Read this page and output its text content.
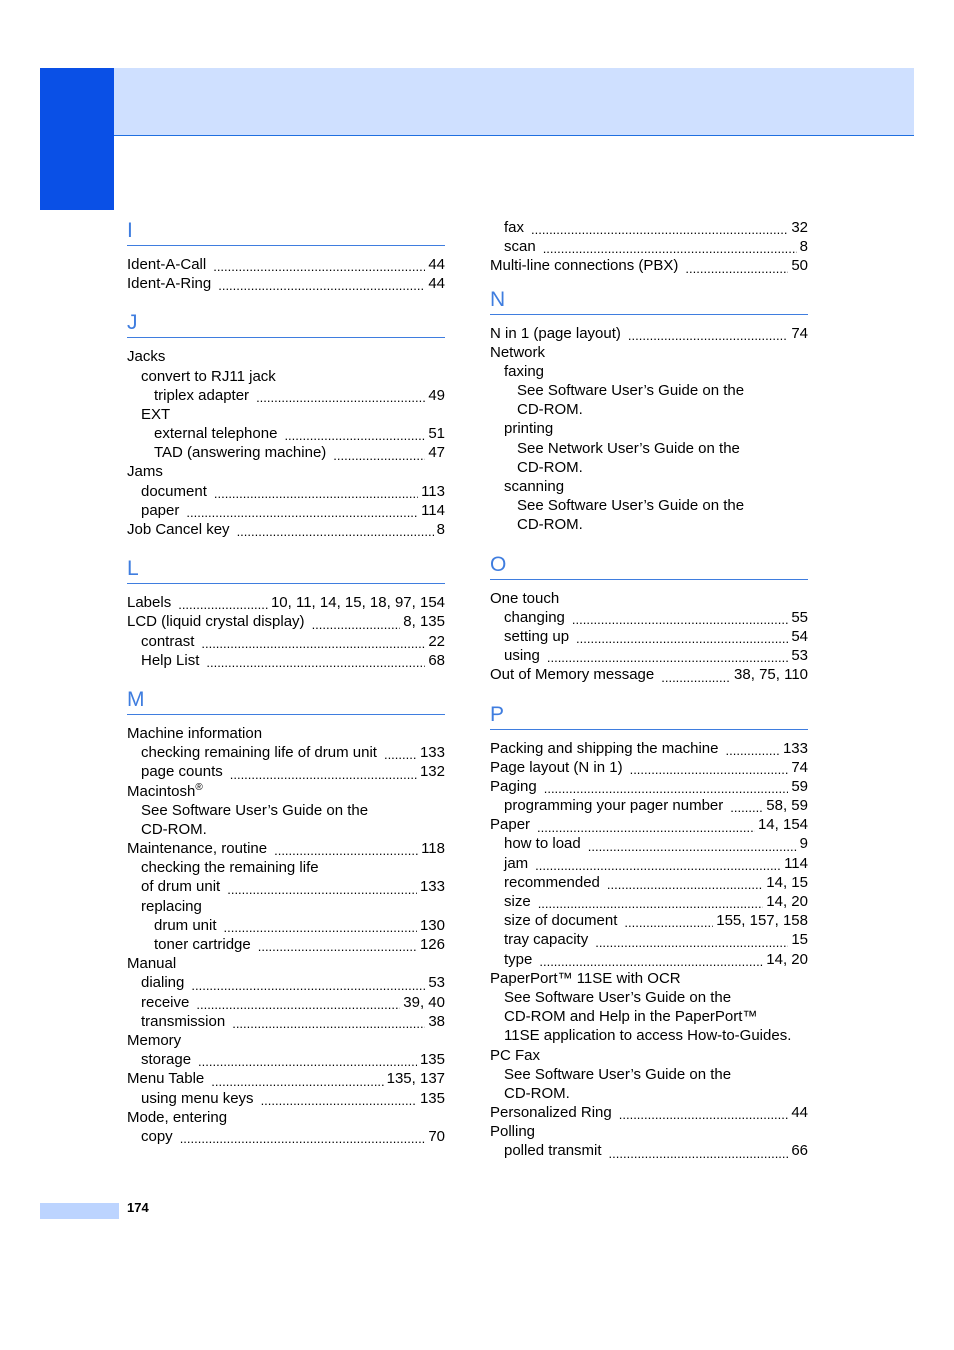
I
Ident-A-Call .....	44
Ident-A-Ring .....	44
J
Jacks
convert to RJ11 jack
triplex adapter .....	49
EXT
external telephone .....	51
TAD (answering machine) .....	47
Jams
document .....	113
paper .....	114
Job Cancel key .....	8
L
Labels .....	10, 11, 14, 15, 18, 97, 154
LCD (liquid crystal display) .....	8, 135
contrast .....	22
Help List .....	68
M
Machine information
checking remaining life of drum unit .....	133
page counts .....	132
Macintosh®
See Software User’s Guide on the
CD-ROM.
Maintenance, routine .....	118
checking the remaining life
of drum unit .....	133
replacing
drum unit .....	130
toner cartridge .....	126
Manual
dialing .....	53
receive .....	39, 40
transmission .....	38
Memory
storage .....	135
Menu Table .....	135, 137
using menu keys .....	135
Mode, entering
copy .....	70
fax .....	32
scan .....	8
Multi-line connections (PBX) .....	50
N
N in 1 (page layout) .....	74
Network
faxing
See Software User’s Guide on the
CD-ROM.
printing
See Network User’s Guide on the
CD-ROM.
scanning
See Software User’s Guide on the
CD-ROM.
O
One touch
changing .....	55
setting up .....	54
using .....	53
Out of Memory message .....	38, 75, 110
P
Packing and shipping the machine .....	133
Page layout (N in 1) .....	74
Paging .....	59
programming your pager number .....	58, 59
Paper .....	14, 154
how to load .....	9
jam .....	114
recommended .....	14, 15
size .....	14, 20
size of document .....	155, 157, 158
tray capacity .....	15
type .....	14, 20
PaperPort™ 11SE with OCR
See Software User’s Guide on the
CD-ROM and Help in the PaperPort™
11SE application to access How-to-Guides.
PC Fax
See Software User’s Guide on the
CD-ROM.
Personalized Ring .....	44
Polling
polled transmit .....	66
174
